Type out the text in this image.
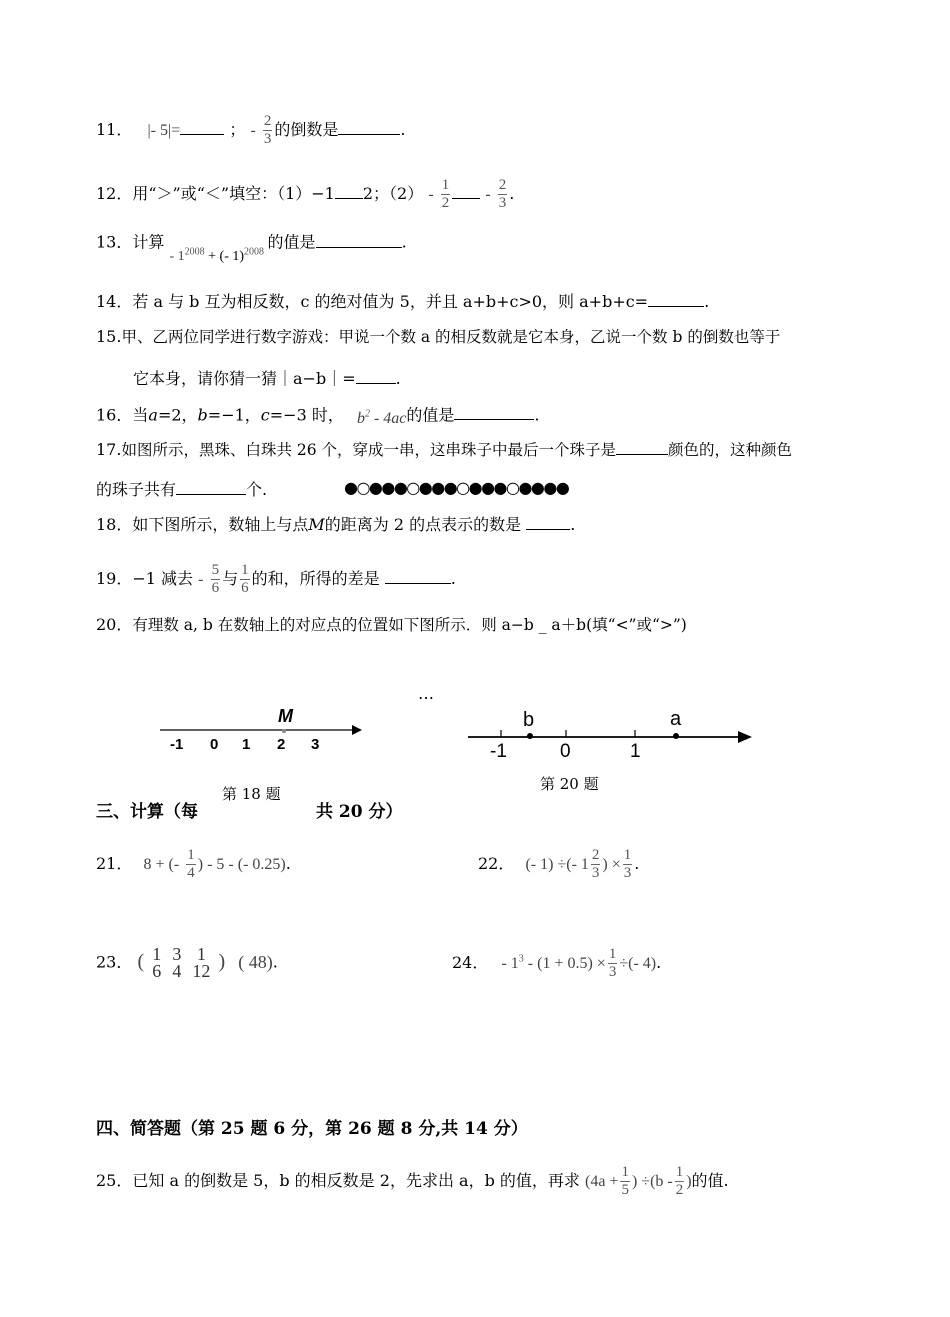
11． |- 5|=	； - $\frac{2}{3}$ 的倒数是	.
12．用“＞”或“＜”填空：（1）−1 2；$(2) - \frac{1}{2} - \frac{2}{3}$ .
13．计算 - $1^{2008}$ + (- 1)$^{2008}$ 的值是	.
14．若 a 与 b 互为相反数，c 的绝对值为 5，并且 a+b+c>0，则 a+b+c=	.
15.甲、乙两位同学进行数字游戏：甲说一个数 a 的相反数就是它本身，乙说一个数 b 的倒数也等于
它本身，请你猜一猜｜a−b｜=	.
16．当a=2，b=−1，c=−3 时， $b^2 - 4ac$的值是	.
17.如图所示，黑珠、白珠共 26 个，穿成一串，这串珠子中最后一个珠子是	颜色的，这种颜色
的珠子共有	个.	●○●●●○●●●○●●●○●●●●
18．如下图所示，数轴上与点M的距离为 2 的点表示的数是	.
19．−1 减去 - $\frac{5}{6}$ 与 $\frac{1}{6}$ 的和，所得的差是	.
20．有理数 a, b 在数轴上的对应点的位置如下图所示．则 a−b _ a＋b(填“<”或“>”)
…
M
-1 0 1 2 3
第 18 题
b	a
-1	0	1
第 20 题
三、计算（每	共 20 分）
21． 8 + (- $\frac{1}{4}$ ) - 5 - (- 0.25).	22． (- 1) ÷(- $1 \frac{2}{3}$ ) × $\frac{1}{3}$ .
23． ( 1
6

3
4

1
12 ) ( 48).	24． - $1^3 - (1 + 0.5) \times \frac{1}{3}$ ÷(- 4).
四、简答题（第 25 题 6 分，第 26 题 8 分,共 14 分）
25．已知 a 的倒数是 5，b 的相反数是 2，先求出 a，b 的值，再求 ($4a + \frac{1}{5}$ ) $\div(b - \frac{1}{2}$ )的值.
